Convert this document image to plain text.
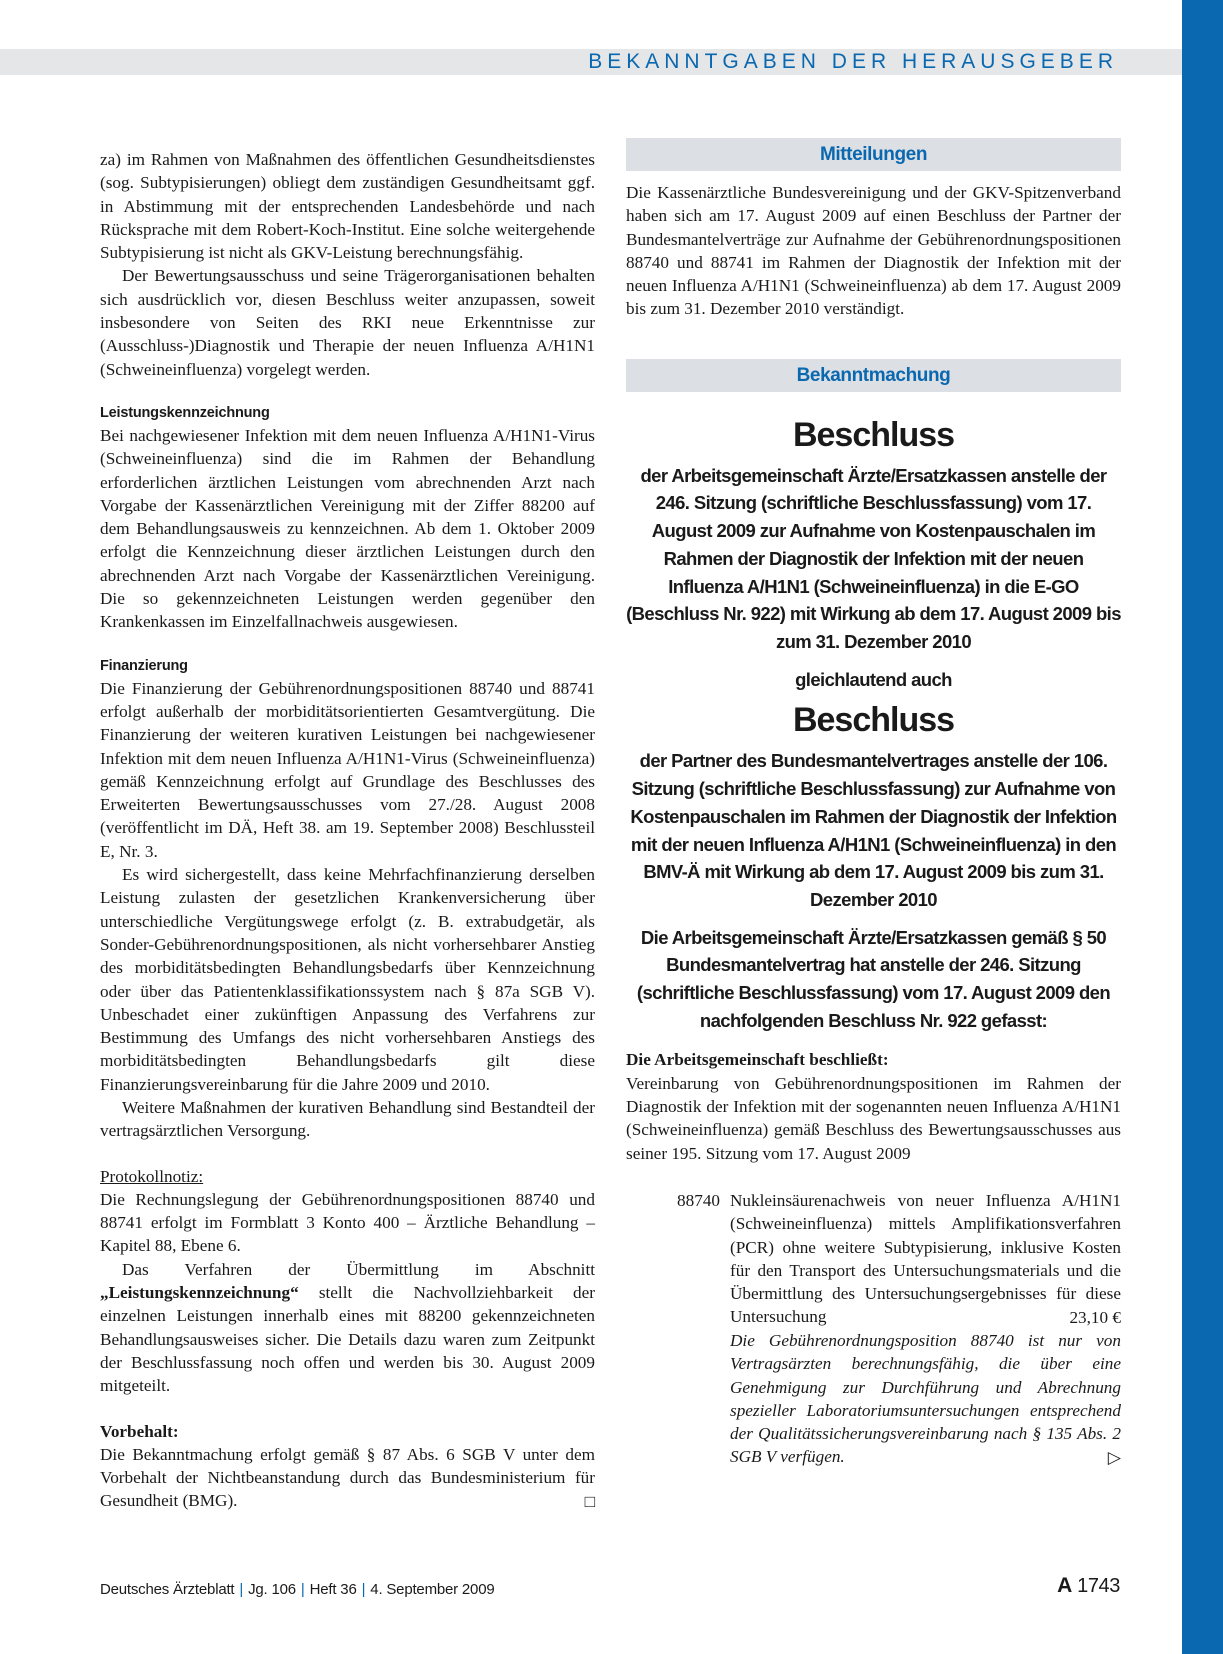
BEKANNTGABEN DER HERAUSGEBER

za) im Rahmen von Maßnahmen des öffentlichen Gesundheitsdienstes (sog. Subtypisierungen) obliegt dem zuständigen Gesundheitsamt ggf. in Abstimmung mit der entsprechenden Landesbehörde und nach Rücksprache mit dem Robert-Koch-Institut. Eine solche weitergehende Subtypisierung ist nicht als GKV-Leistung berechnungsfähig.

Der Bewertungsausschuss und seine Trägerorganisationen behalten sich ausdrücklich vor, diesen Beschluss weiter anzupassen, soweit insbesondere von Seiten des RKI neue Erkenntnisse zur (Ausschluss-)Diagnostik und Therapie der neuen Influenza A/H1N1 (Schweineinfluenza) vorgelegt werden.

Leistungskennzeichnung

Bei nachgewiesener Infektion mit dem neuen Influenza A/H1N1-Virus (Schweineinfluenza) sind die im Rahmen der Behandlung erforderlichen ärztlichen Leistungen vom abrechnenden Arzt nach Vorgabe der Kassenärztlichen Vereinigung mit der Ziffer 88200 auf dem Behandlungsausweis zu kennzeichnen. Ab dem 1. Oktober 2009 erfolgt die Kennzeichnung dieser ärztlichen Leistungen durch den abrechnenden Arzt nach Vorgabe der Kassenärztlichen Vereinigung. Die so gekennzeichneten Leistungen werden gegenüber den Krankenkassen im Einzelfallnachweis ausgewiesen.

Finanzierung

Die Finanzierung der Gebührenordnungspositionen 88740 und 88741 erfolgt außerhalb der morbiditätsorientierten Gesamtvergütung. Die Finanzierung der weiteren kurativen Leistungen bei nachgewiesener Infektion mit dem neuen Influenza A/H1N1-Virus (Schweineinfluenza) gemäß Kennzeichnung erfolgt auf Grundlage des Beschlusses des Erweiterten Bewertungsausschusses vom 27./28. August 2008 (veröffentlicht im DÄ, Heft 38. am 19. September 2008) Beschlussteil E, Nr. 3.

Es wird sichergestellt, dass keine Mehrfachfinanzierung derselben Leistung zulasten der gesetzlichen Krankenversicherung über unterschiedliche Vergütungswege erfolgt (z. B. extrabudgetär, als Sonder-Gebührenordnungspositionen, als nicht vorhersehbarer Anstieg des morbiditätsbedingten Behandlungsbedarfs über Kennzeichnung oder über das Patientenklassifikationssystem nach § 87a SGB V). Unbeschadet einer zukünftigen Anpassung des Verfahrens zur Bestimmung des Umfangs des nicht vorhersehbaren Anstiegs des morbiditätsbedingten Behandlungsbedarfs gilt diese Finanzierungsvereinbarung für die Jahre 2009 und 2010.

Weitere Maßnahmen der kurativen Behandlung sind Bestandteil der vertragsärztlichen Versorgung.

Protokollnotiz:

Die Rechnungslegung der Gebührenordnungspositionen 88740 und 88741 erfolgt im Formblatt 3 Konto 400 – Ärztliche Behandlung – Kapitel 88, Ebene 6.

Das Verfahren der Übermittlung im Abschnitt „Leistungskennzeichnung“ stellt die Nachvollziehbarkeit der einzelnen Leistungen innerhalb eines mit 88200 gekennzeichneten Behandlungsausweises sicher. Die Details dazu waren zum Zeitpunkt der Beschlussfassung noch offen und werden bis 30. August 2009 mitgeteilt.

Vorbehalt:

Die Bekanntmachung erfolgt gemäß § 87 Abs. 6 SGB V unter dem Vorbehalt der Nichtbeanstandung durch das Bundesministerium für Gesundheit (BMG).	□
Mitteilungen

Die Kassenärztliche Bundesvereinigung und der GKV-Spitzenverband haben sich am 17. August 2009 auf einen Beschluss der Partner der Bundesmantelverträge zur Aufnahme der Gebührenordnungspositionen 88740 und 88741 im Rahmen der Diagnostik der Infektion mit der neuen Influenza A/H1N1 (Schweineinfluenza) ab dem 17. August 2009 bis zum 31. Dezember 2010 verständigt.

Bekanntmachung
Beschluss
der Arbeitsgemeinschaft Ärzte/Ersatzkassen anstelle der 246. Sitzung (schriftliche Beschlussfassung) vom 17. August 2009 zur Aufnahme von Kostenpauschalen im Rahmen der Diagnostik der Infektion mit der neuen Influenza A/H1N1 (Schweineinfluenza) in die E-GO (Beschluss Nr. 922) mit Wirkung ab dem 17. August 2009 bis zum 31. Dezember 2010
gleichlautend auch
Beschluss
der Partner des Bundesmantelvertrages anstelle der 106. Sitzung (schriftliche Beschlussfassung) zur Aufnahme von Kostenpauschalen im Rahmen der Diagnostik der Infektion mit der neuen Influenza A/H1N1 (Schweineinfluenza) in den BMV-Ä mit Wirkung ab dem 17. August 2009 bis zum 31. Dezember 2010
Die Arbeitsgemeinschaft Ärzte/Ersatzkassen gemäß § 50 Bundesmantelvertrag hat anstelle der 246. Sitzung (schriftliche Beschlussfassung) vom 17. August 2009 den nachfolgenden Beschluss Nr. 922 gefasst:
Die Arbeitsgemeinschaft beschließt:

Vereinbarung von Gebührenordnungspositionen im Rahmen der Diagnostik der Infektion mit der sogenannten neuen Influenza A/H1N1 (Schweineinfluenza) gemäß Beschluss des Bewertungsausschusses aus seiner 195. Sitzung vom 17. August 2009

88740 Nukleinsäurenachweis von neuer Influenza A/H1N1 (Schweineinfluenza) mittels Amplifikationsverfahren (PCR) ohne weitere Subtypisierung, inklusive Kosten für den Transport des Untersuchungsmaterials und die Übermittlung des Untersuchungsergebnisses für diese Untersuchung	23,10 €

Die Gebührenordnungsposition 88740 ist nur von Vertragsärzten berechnungsfähig, die über eine Genehmigung zur Durchführung und Abrechnung spezieller Laboratoriumsuntersuchungen entsprechend der Qualitätssicherungsvereinbarung nach § 135 Abs. 2 SGB V verfügen.	▷
Deutsches Ärzteblatt | Jg. 106 | Heft 36 | 4. September 2009	A 1743
